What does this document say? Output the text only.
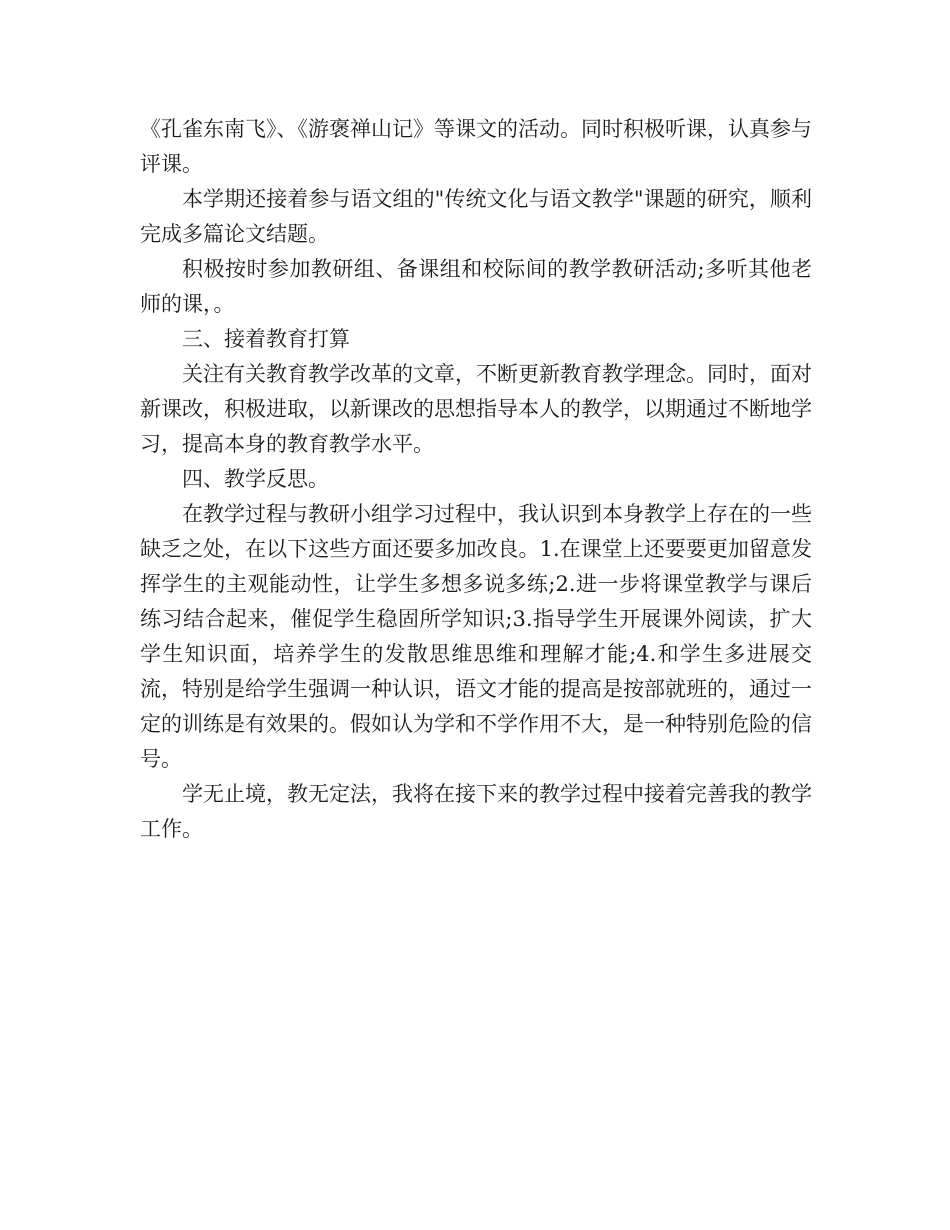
《孔雀东南飞》、《游褒禅山记》等课文的活动。同时积极听课，认真参与评课。

本学期还接着参与语文组的"传统文化与语文教学"课题的研究，顺利完成多篇论文结题。

积极按时参加教研组、备课组和校际间的教学教研活动;多听其他老师的课，。

三、接着教育打算

关注有关教育教学改革的文章，不断更新教育教学理念。同时，面对新课改，积极进取，以新课改的思想指导本人的教学，以期通过不断地学习，提高本身的教育教学水平。

四、教学反思。

在教学过程与教研小组学习过程中，我认识到本身教学上存在的一些缺乏之处，在以下这些方面还要多加改良。1.在课堂上还要要更加留意发挥学生的主观能动性，让学生多想多说多练;2.进一步将课堂教学与课后练习结合起来，催促学生稳固所学知识;3.指导学生开展课外阅读，扩大学生知识面，培养学生的发散思维思维和理解才能;4.和学生多进展交流，特别是给学生强调一种认识，语文才能的提高是按部就班的，通过一定的训练是有效果的。假如认为学和不学作用不大，是一种特别危险的信号。

学无止境，教无定法，我将在接下来的教学过程中接着完善我的教学工作。
